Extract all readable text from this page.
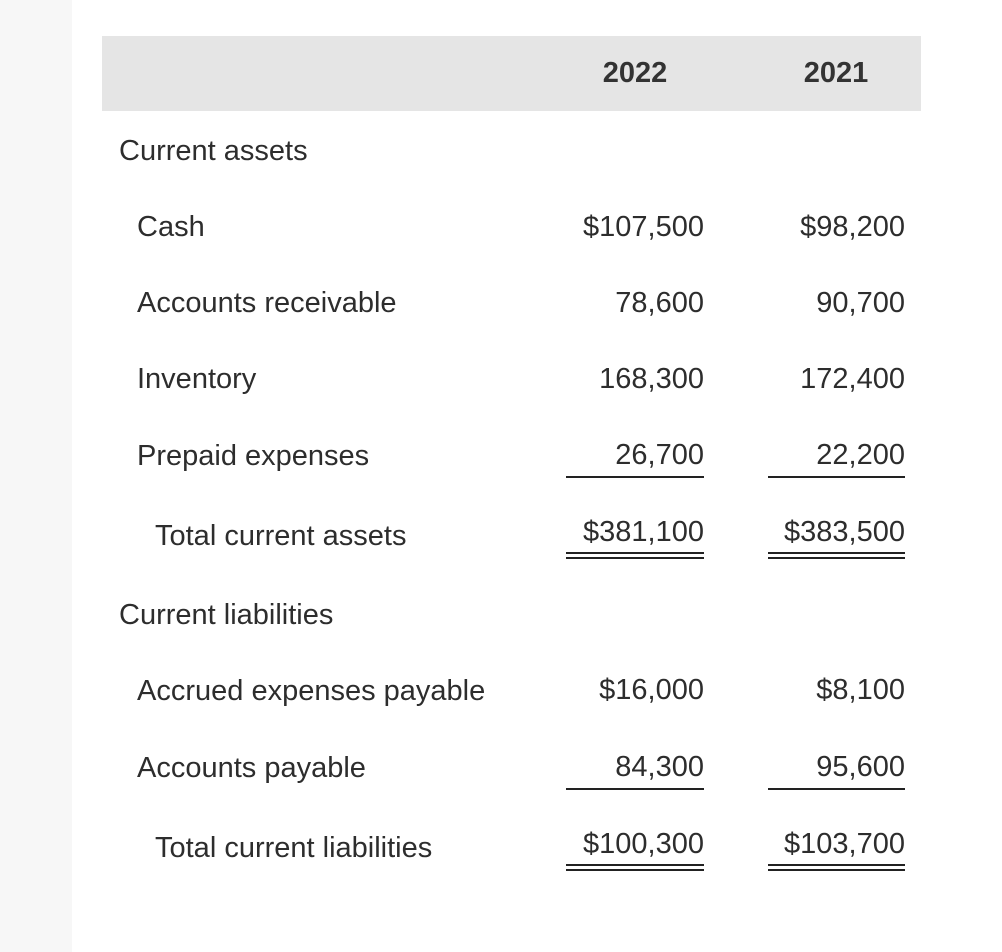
2022	2021
Current assets
Cash	$107,500	$98,200
Accounts receivable	78,600	90,700
Inventory	168,300	172,400
Prepaid expenses	26,700	22,200
Total current assets	$381,100	$383,500
Current liabilities
Accrued expenses payable	$16,000	$8,100
Accounts payable	84,300	95,600
Total current liabilities	$100,300	$103,700
